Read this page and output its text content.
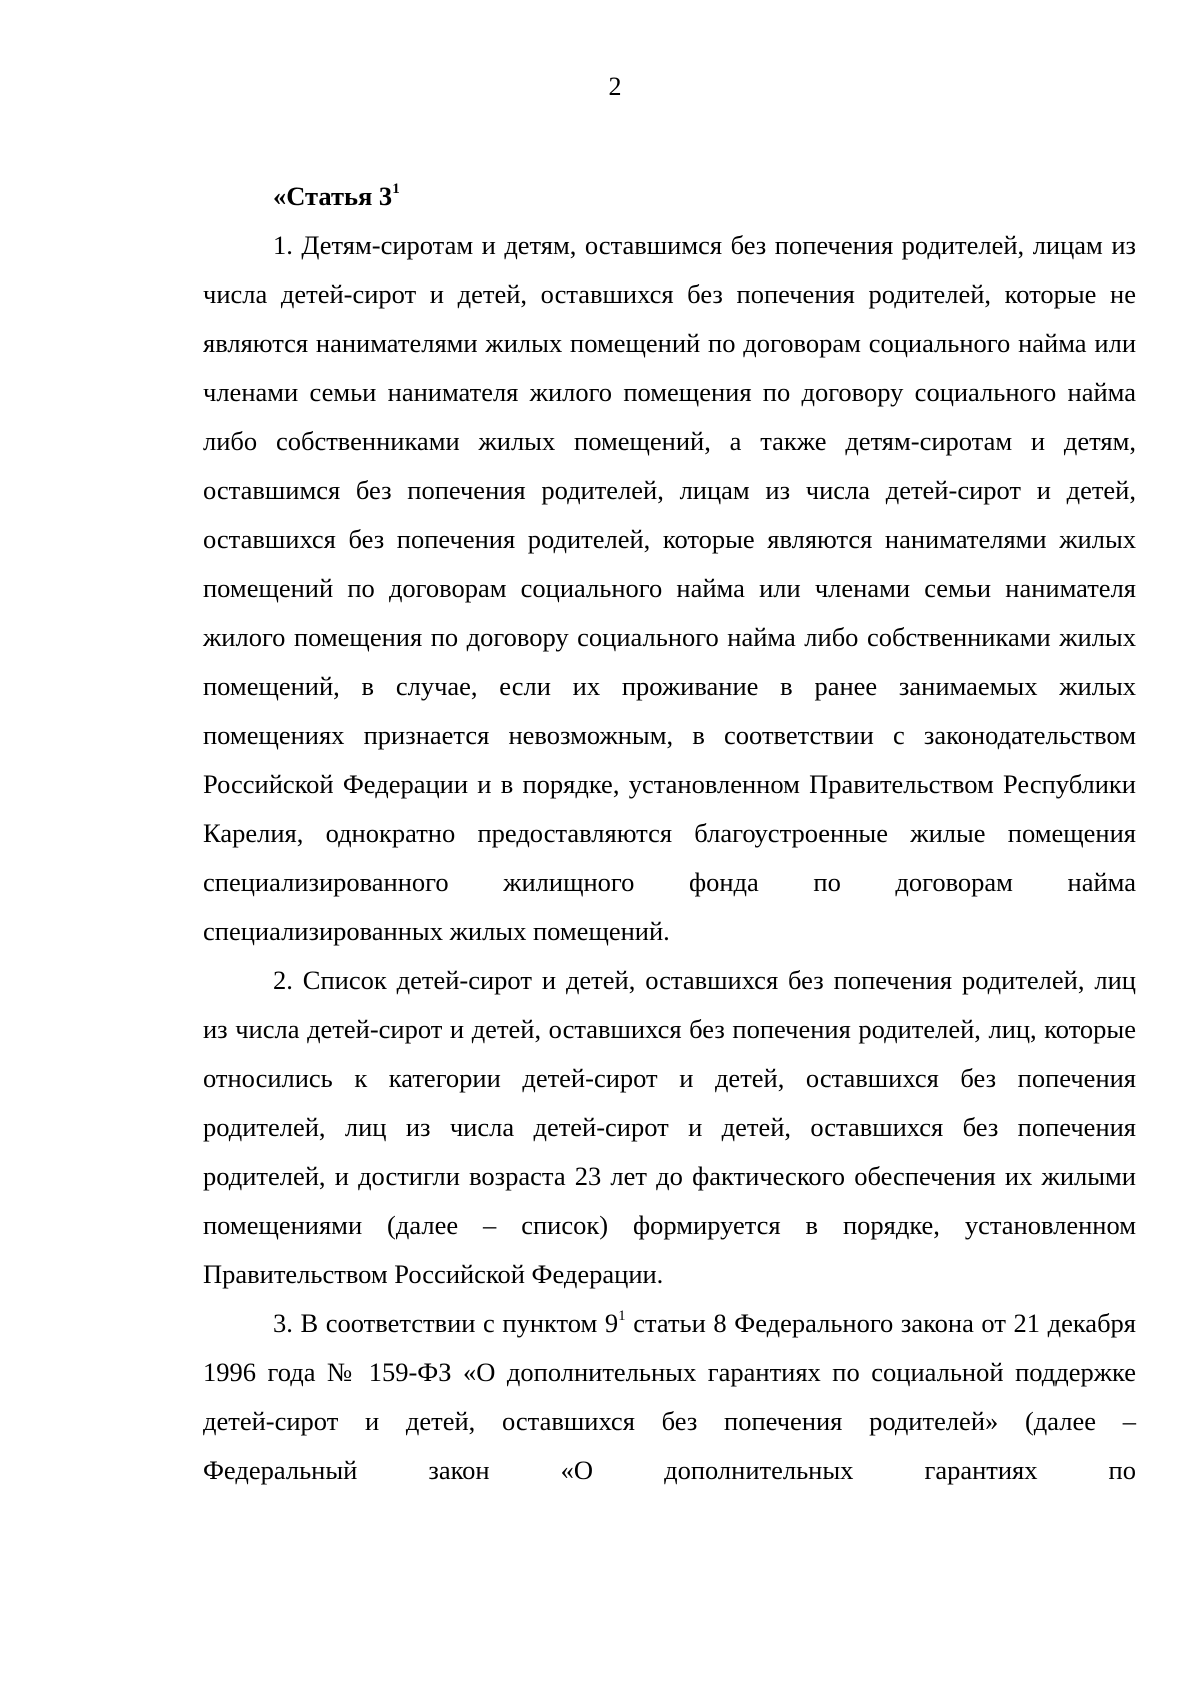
2

«Статья $3^1$

1. Детям-сиротам и детям, оставшимся без попечения родителей, лицам из числа детей-сирот и детей, оставшихся без попечения родителей, которые не являются нанимателями жилых помещений по договорам социального найма или членами семьи нанимателя жилого помещения по договору социального найма либо собственниками жилых помещений, а также детям-сиротам и детям, оставшимся без попечения родителей, лицам из числа детей-сирот и детей, оставшихся без попечения родителей, которые являются нанимателями жилых помещений по договорам социального найма или членами семьи нанимателя жилого помещения по договору социального найма либо собственниками жилых помещений, в случае, если их проживание в ранее занимаемых жилых помещениях признается невозможным, в соответствии с законодательством Российской Федерации и в порядке, установленном Правительством Республики Карелия, однократно предоставляются благоустроенные жилые помещения специализированного жилищного фонда по договорам найма специализированных жилых помещений.

2. Список детей-сирот и детей, оставшихся без попечения родителей, лиц из числа детей-сирот и детей, оставшихся без попечения родителей, лиц, которые относились к категории детей-сирот и детей, оставшихся без попечения родителей, лиц из числа детей-сирот и детей, оставшихся без попечения родителей, и достигли возраста 23 лет до фактического обеспечения их жилыми помещениями (далее – список) формируется в порядке, установленном Правительством Российской Федерации.

3. В соответствии с пунктом $9^1$ статьи 8 Федерального закона от 21 декабря 1996 года № 159-ФЗ «О дополнительных гарантиях по социальной поддержке детей-сирот и детей, оставшихся без попечения родителей» (далее – Федеральный закон «О дополнительных гарантиях по
